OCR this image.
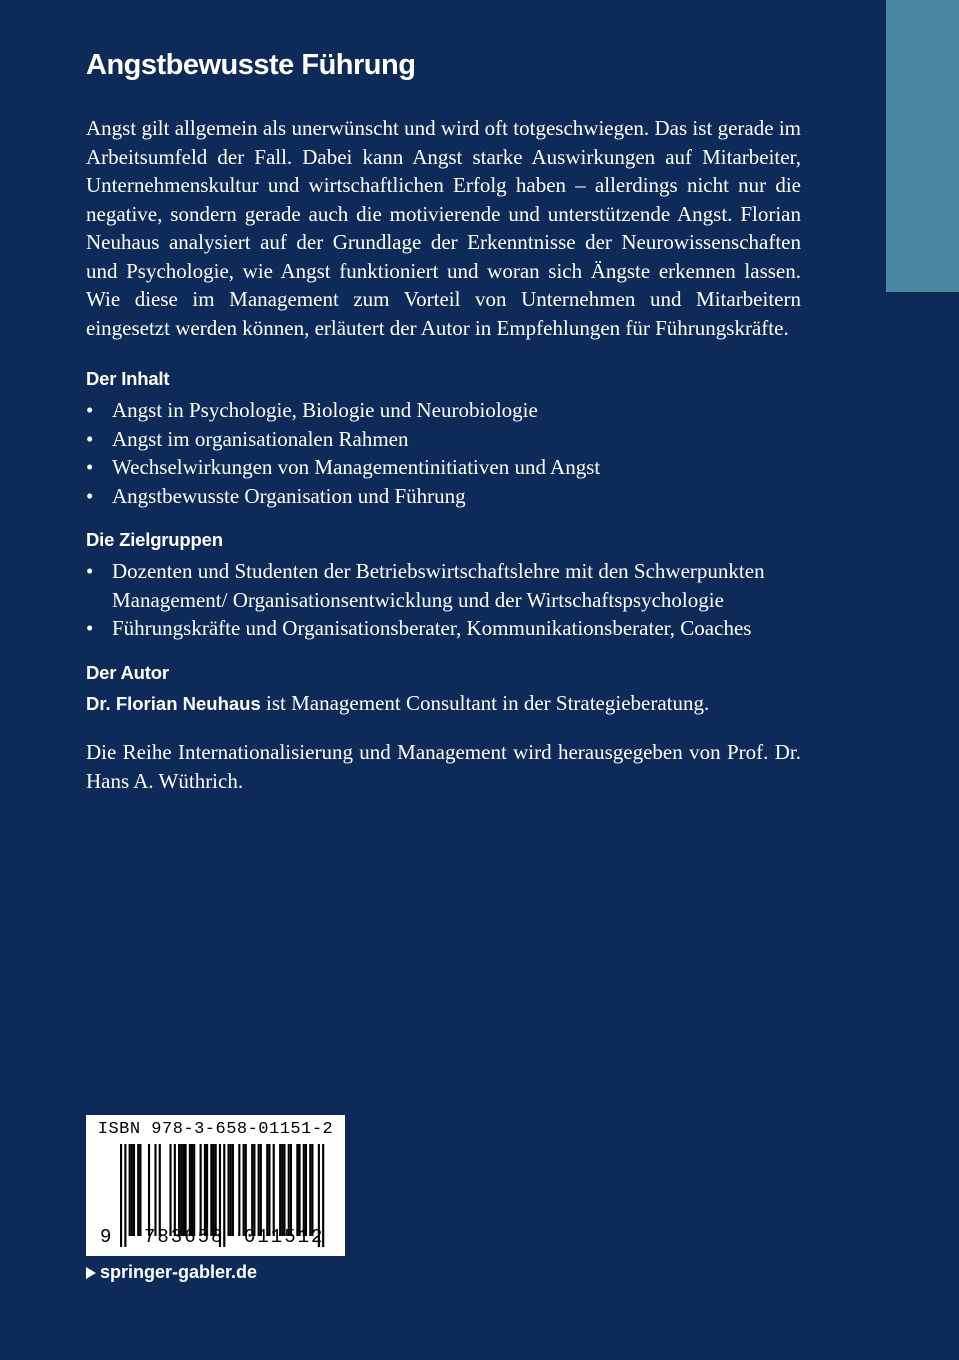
Angstbewusste Führung

Angst gilt allgemein als unerwünscht und wird oft totgeschwiegen. Das ist gerade im Arbeitsumfeld der Fall. Dabei kann Angst starke Auswirkungen auf Mitarbeiter, Unternehmenskultur und wirtschaftlichen Erfolg haben – allerdings nicht nur die negative, sondern gerade auch die motivierende und unterstützende Angst. Florian Neuhaus analysiert auf der Grundlage der Erkenntnisse der Neurowissenschaften und Psychologie, wie Angst funktioniert und woran sich Ängste erkennen lassen. Wie diese im Management zum Vorteil von Unternehmen und Mitarbeitern eingesetzt werden können, erläutert der Autor in Empfehlungen für Führungskräfte.

Der Inhalt
• Angst in Psychologie, Biologie und Neurobiologie
• Angst im organisationalen Rahmen
• Wechselwirkungen von Managementinitiativen und Angst
• Angstbewusste Organisation und Führung
Die Zielgruppen
• Dozenten und Studenten der Betriebswirtschaftslehre mit den Schwerpunkten Management/ Organisationsentwicklung und der Wirtschaftspsychologie
• Führungskräfte und Organisationsberater, Kommunikationsberater, Coaches
Der Autor

Dr. Florian Neuhaus ist Management Consultant in der Strategieberatung.

Die Reihe Internationalisierung und Management wird herausgegeben von Prof. Dr. Hans A. Wüthrich.

ISBN 978-3-658-01151-2
9 783658 011512
springer-gabler.de
